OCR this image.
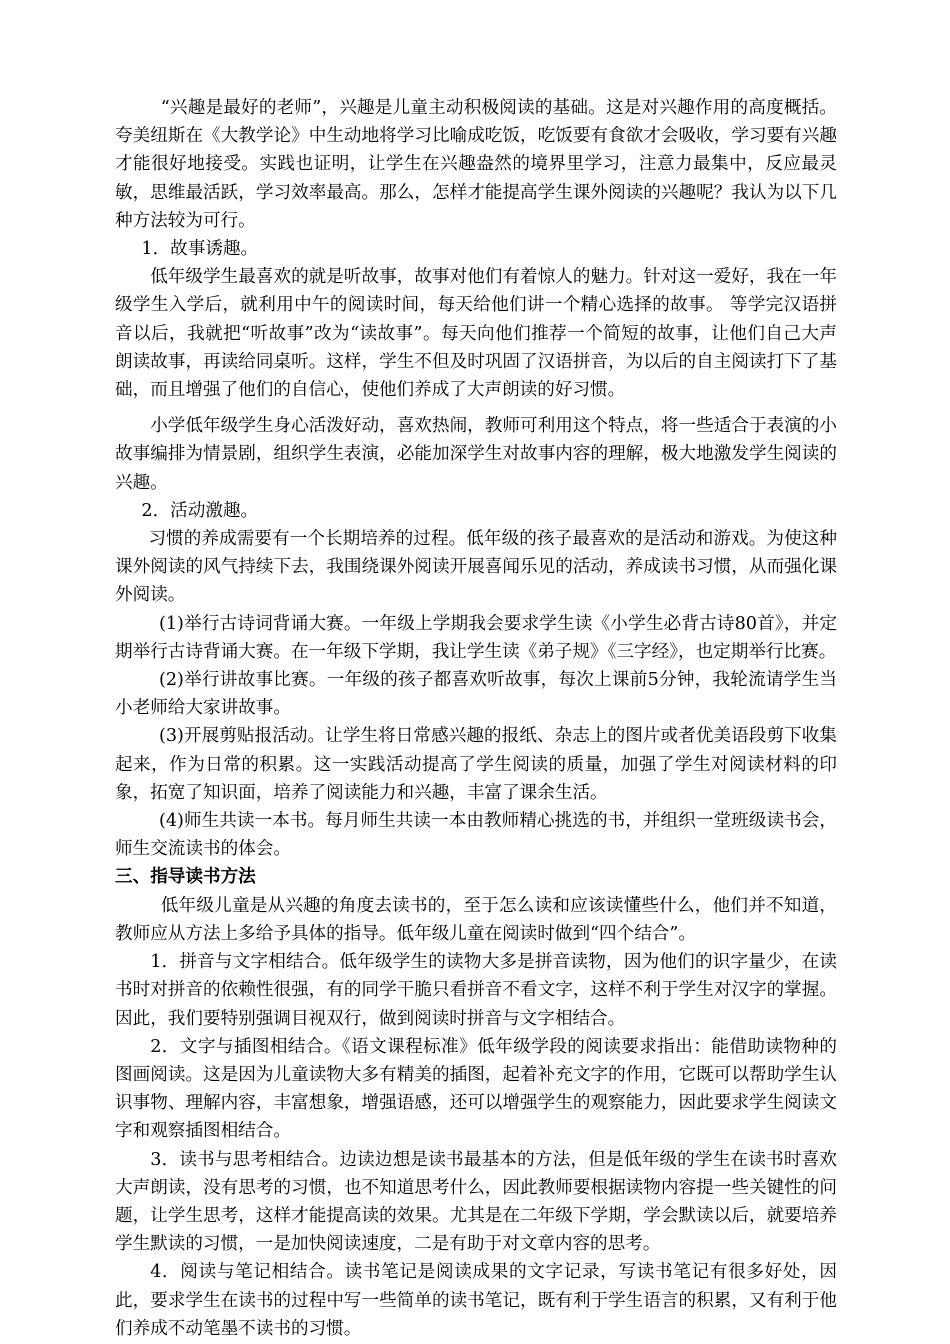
“兴趣是最好的老师”，兴趣是儿童主动积极阅读的基础。这是对兴趣作用的高度概括。夸美纽斯在《大教学论》中生动地将学习比喻成吃饭，吃饭要有食欲才会吸收，学习要有兴趣才能很好地接受。实践也证明，让学生在兴趣盎然的境界里学习，注意力最集中，反应最灵敏，思维最活跃，学习效率最高。那么，怎样才能提高学生课外阅读的兴趣呢？我认为以下几种方法较为可行。

1．故事诱趣。

低年级学生最喜欢的就是听故事，故事对他们有着惊人的魅力。针对这一爱好，我在一年级学生入学后，就利用中午的阅读时间，每天给他们讲一个精心选择的故事。 等学完汉语拼音以后，我就把“听故事”改为“读故事”。每天向他们推荐一个简短的故事，让他们自己大声朗读故事，再读给同桌听。这样，学生不但及时巩固了汉语拼音，为以后的自主阅读打下了基础，而且增强了他们的自信心，使他们养成了大声朗读的好习惯。

小学低年级学生身心活泼好动，喜欢热闹，教师可利用这个特点，将一些适合于表演的小故事编排为情景剧，组织学生表演，必能加深学生对故事内容的理解，极大地激发学生阅读的兴趣。

2．活动激趣。

习惯的养成需要有一个长期培养的过程。低年级的孩子最喜欢的是活动和游戏。为使这种课外阅读的风气持续下去，我围绕课外阅读开展喜闻乐见的活动，养成读书习惯，从而强化课外阅读。

(1)举行古诗词背诵大赛。一年级上学期我会要求学生读《小学生必背古诗80首》，并定期举行古诗背诵大赛。在一年级下学期，我让学生读《弟子规》《三字经》，也定期举行比赛。

(2)举行讲故事比赛。一年级的孩子都喜欢听故事，每次上课前5分钟，我轮流请学生当小老师给大家讲故事。

(3)开展剪贴报活动。让学生将日常感兴趣的报纸、杂志上的图片或者优美语段剪下收集起来，作为日常的积累。这一实践活动提高了学生阅读的质量，加强了学生对阅读材料的印象，拓宽了知识面，培养了阅读能力和兴趣，丰富了课余生活。

(4)师生共读一本书。每月师生共读一本由教师精心挑选的书，并组织一堂班级读书会，师生交流读书的体会。

三、指导读书方法

低年级儿童是从兴趣的角度去读书的，至于怎么读和应该读懂些什么，他们并不知道，教师应从方法上多给予具体的指导。低年级儿童在阅读时做到“四个结合”。

1．拼音与文字相结合。低年级学生的读物大多是拼音读物，因为他们的识字量少，在读书时对拼音的依赖性很强，有的同学干脆只看拼音不看文字，这样不利于学生对汉字的掌握。因此，我们要特别强调目视双行，做到阅读时拼音与文字相结合。

2．文字与插图相结合。《语文课程标准》低年级学段的阅读要求指出：能借助读物种的图画阅读。这是因为儿童读物大多有精美的插图，起着补充文字的作用，它既可以帮助学生认识事物、理解内容，丰富想象，增强语感，还可以增强学生的观察能力，因此要求学生阅读文字和观察插图相结合。

3．读书与思考相结合。边读边想是读书最基本的方法，但是低年级的学生在读书时喜欢大声朗读，没有思考的习惯，也不知道思考什么，因此教师要根据读物内容提一些关键性的问题，让学生思考，这样才能提高读的效果。尤其是在二年级下学期，学会默读以后，就要培养学生默读的习惯，一是加快阅读速度，二是有助于对文章内容的思考。

4．阅读与笔记相结合。读书笔记是阅读成果的文字记录，写读书笔记有很多好处，因此，要求学生在读书的过程中写一些简单的读书笔记，既有利于学生语言的积累，又有利于他们养成不动笔墨不读书的习惯。
